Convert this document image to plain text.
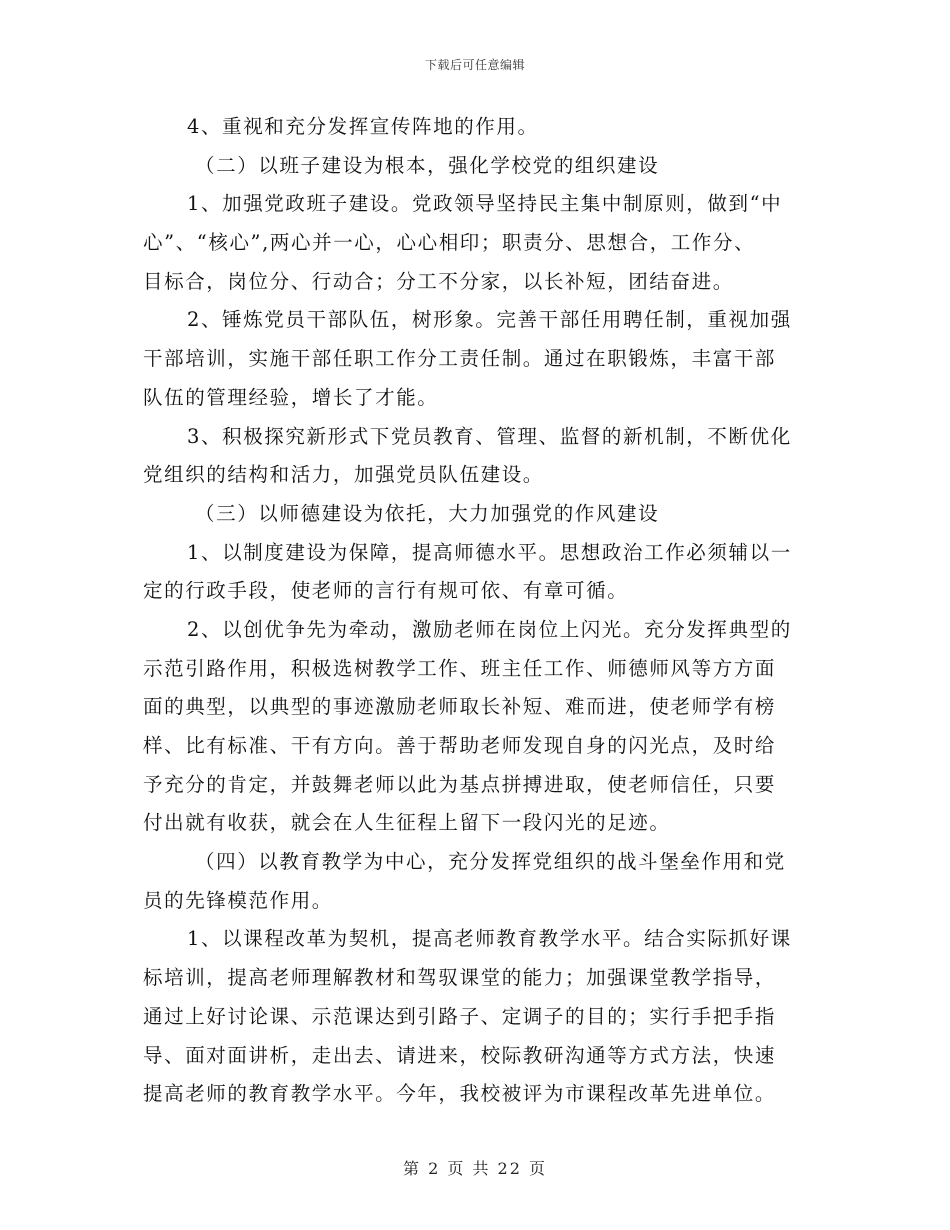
下载后可任意编辑
4、重视和充分发挥宣传阵地的作用。
（二）以班子建设为根本，强化学校党的组织建设
1、加强党政班子建设。党政领导坚持民主集中制原则，做到“中
心”、“核心”,两心并一心，心心相印；职责分、思想合，工作分、
目标合，岗位分、行动合；分工不分家，以长补短，团结奋进。
2、锤炼党员干部队伍，树形象。完善干部任用聘任制，重视加强
干部培训，实施干部任职工作分工责任制。通过在职锻炼，丰富干部
队伍的管理经验，增长了才能。
3、积极探究新形式下党员教育、管理、监督的新机制，不断优化
党组织的结构和活力，加强党员队伍建设。
（三）以师德建设为依托，大力加强党的作风建设
1、以制度建设为保障，提高师德水平。思想政治工作必须辅以一
定的行政手段，使老师的言行有规可依、有章可循。
2、以创优争先为牵动，激励老师在岗位上闪光。充分发挥典型的
示范引路作用，积极选树教学工作、班主任工作、师德师风等方方面
面的典型，以典型的事迹激励老师取长补短、难而进，使老师学有榜
样、比有标准、干有方向。善于帮助老师发现自身的闪光点，及时给
予充分的肯定，并鼓舞老师以此为基点拼搏进取，使老师信任，只要
付出就有收获，就会在人生征程上留下一段闪光的足迹。
（四）以教育教学为中心，充分发挥党组织的战斗堡垒作用和党
员的先锋模范作用。
1、以课程改革为契机，提高老师教育教学水平。结合实际抓好课
标培训，提高老师理解教材和驾驭课堂的能力；加强课堂教学指导，
通过上好讨论课、示范课达到引路子、定调子的目的；实行手把手指
导、面对面讲析，走出去、请进来，校际教研沟通等方式方法，快速
提高老师的教育教学水平。今年，我校被评为市课程改革先进单位。
第 2 页 共 22 页
